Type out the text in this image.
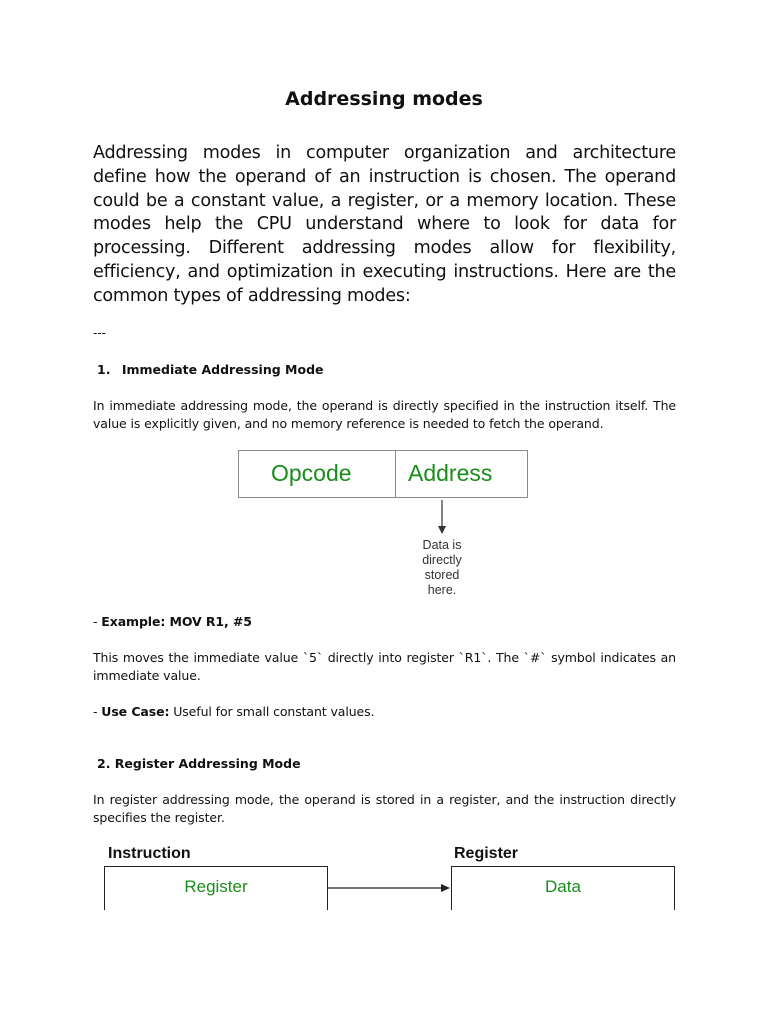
Addressing modes
Addressing modes in computer organization and architecture define how the operand of an instruction is chosen. The operand could be a constant value, a register, or a memory location. These modes help the CPU understand where to look for data for processing. Different addressing modes allow for flexibility, efficiency, and optimization in executing instructions. Here are the common types of addressing modes:
---
1. Immediate Addressing Mode
In immediate addressing mode, the operand is directly specified in the instruction itself. The value is explicitly given, and no memory reference is needed to fetch the operand.
Opcode Address
Data is
directly
stored
here.
- Example: MOV R1, #5
This moves the immediate value `5` directly into register `R1`. The `#` symbol indicates an immediate value.
- Use Case: Useful for small constant values.
2. Register Addressing Mode
In register addressing mode, the operand is stored in a register, and the instruction directly specifies the register.
Instruction	Register
Register	Data
